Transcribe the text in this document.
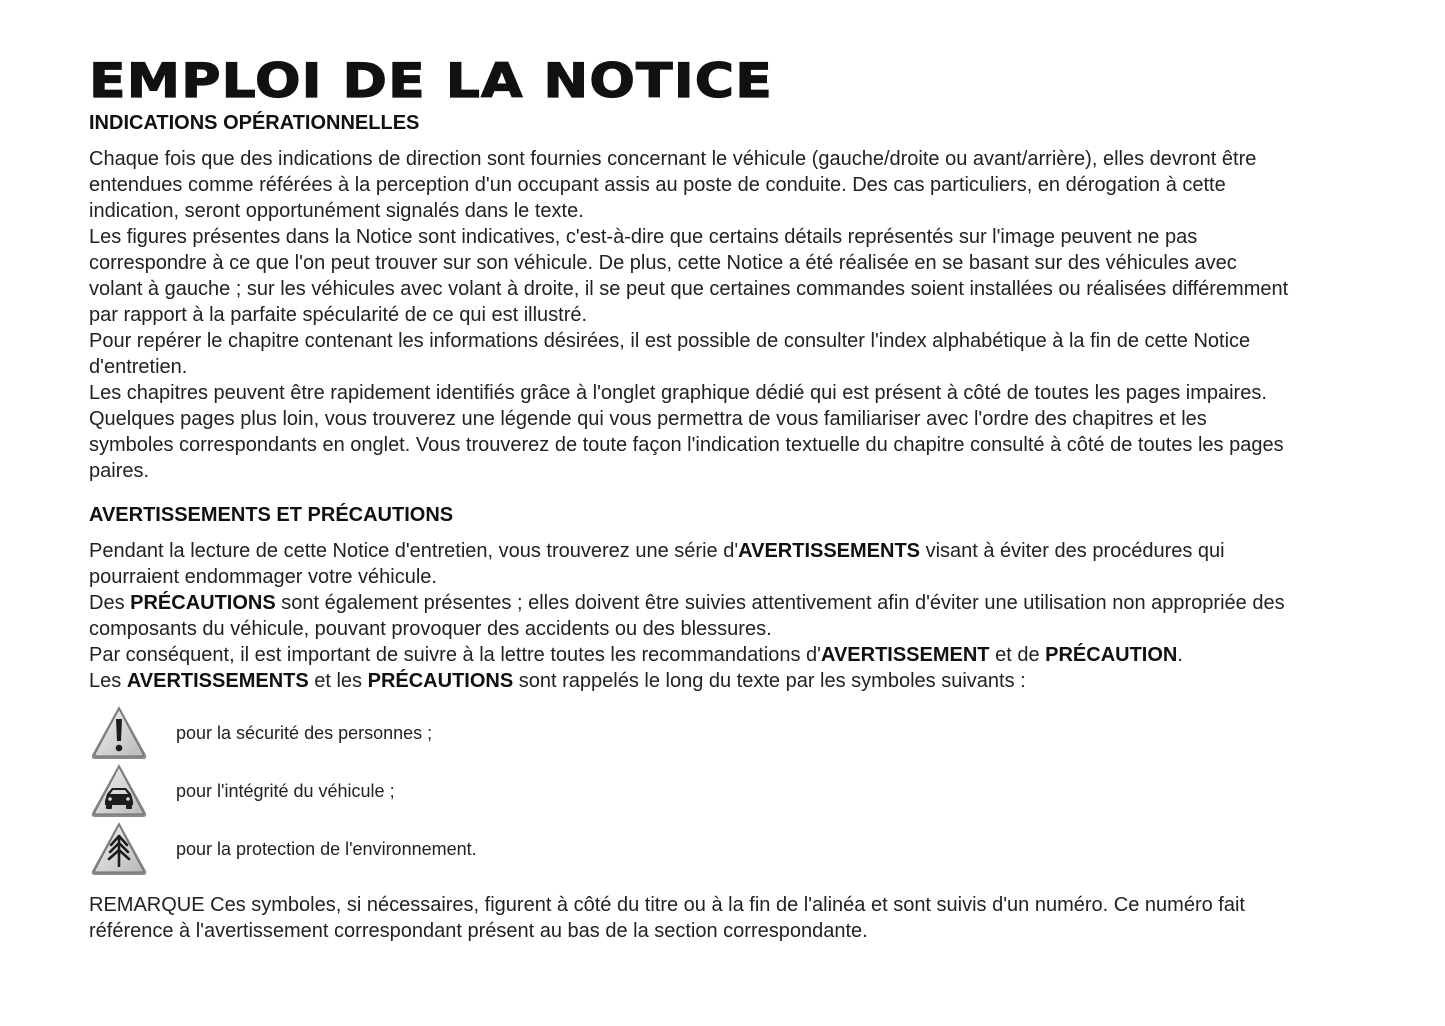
EMPLOI DE LA NOTICE
INDICATIONS OPÉRATIONNELLES

Chaque fois que des indications de direction sont fournies concernant le véhicule (gauche/droite ou avant/arrière), elles devront être entendues comme référées à la perception d'un occupant assis au poste de conduite. Des cas particuliers, en dérogation à cette indication, seront opportunément signalés dans le texte.

Les figures présentes dans la Notice sont indicatives, c'est-à-dire que certains détails représentés sur l'image peuvent ne pas correspondre à ce que l'on peut trouver sur son véhicule. De plus, cette Notice a été réalisée en se basant sur des véhicules avec volant à gauche ; sur les véhicules avec volant à droite, il se peut que certaines commandes soient installées ou réalisées différemment par rapport à la parfaite spécularité de ce qui est illustré.

Pour repérer le chapitre contenant les informations désirées, il est possible de consulter l'index alphabétique à la fin de cette Notice d'entretien.

Les chapitres peuvent être rapidement identifiés grâce à l'onglet graphique dédié qui est présent à côté de toutes les pages impaires. Quelques pages plus loin, vous trouverez une légende qui vous permettra de vous familiariser avec l'ordre des chapitres et les symboles correspondants en onglet. Vous trouverez de toute façon l'indication textuelle du chapitre consulté à côté de toutes les pages paires.

AVERTISSEMENTS ET PRÉCAUTIONS

Pendant la lecture de cette Notice d'entretien, vous trouverez une série d'AVERTISSEMENTS visant à éviter des procédures qui pourraient endommager votre véhicule.

Des PRÉCAUTIONS sont également présentes ; elles doivent être suivies attentivement afin d'éviter une utilisation non appropriée des composants du véhicule, pouvant provoquer des accidents ou des blessures.

Par conséquent, il est important de suivre à la lettre toutes les recommandations d'AVERTISSEMENT et de PRÉCAUTION.

Les AVERTISSEMENTS et les PRÉCAUTIONS sont rappelés le long du texte par les symboles suivants :

pour la sécurité des personnes ;
pour l'intégrité du véhicule ;
pour la protection de l'environnement.

REMARQUE Ces symboles, si nécessaires, figurent à côté du titre ou à la fin de l'alinéa et sont suivis d'un numéro. Ce numéro fait référence à l'avertissement correspondant présent au bas de la section correspondante.
